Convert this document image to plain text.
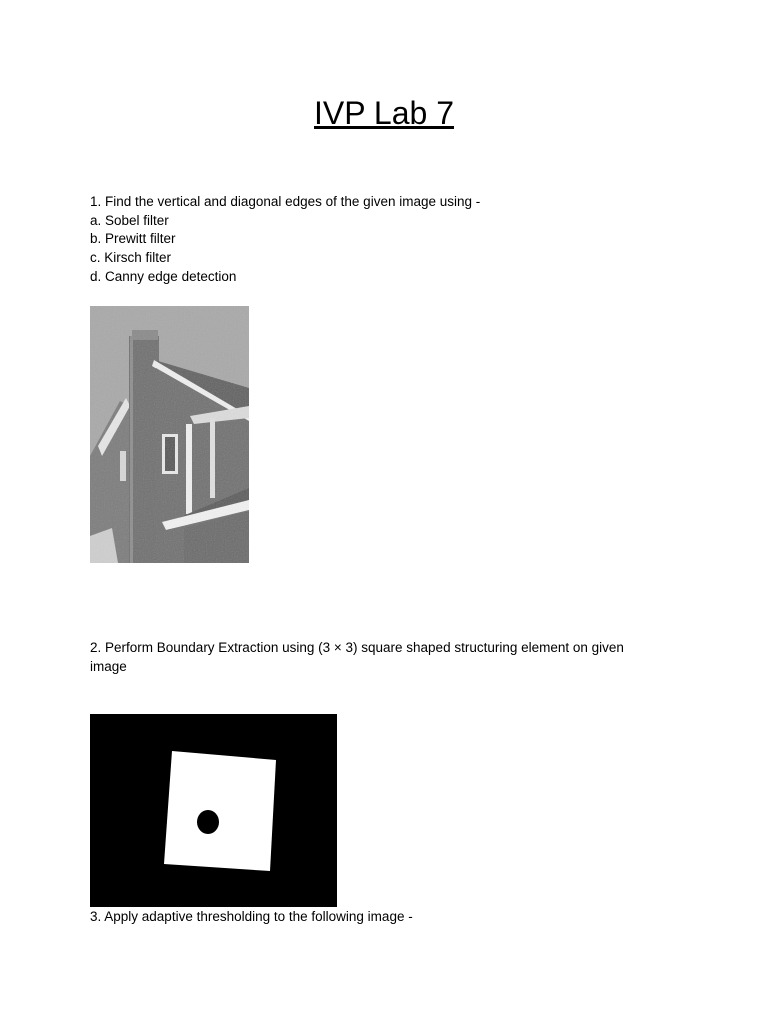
IVP Lab 7

1. Find the vertical and diagonal edges of the given image using -

a. Sobel filter

b. Prewitt filter

c. Kirsch filter

d. Canny edge detection

2. Perform Boundary Extraction using (3 × 3) square shaped structuring element on given image

3. Apply adaptive thresholding to the following image -
